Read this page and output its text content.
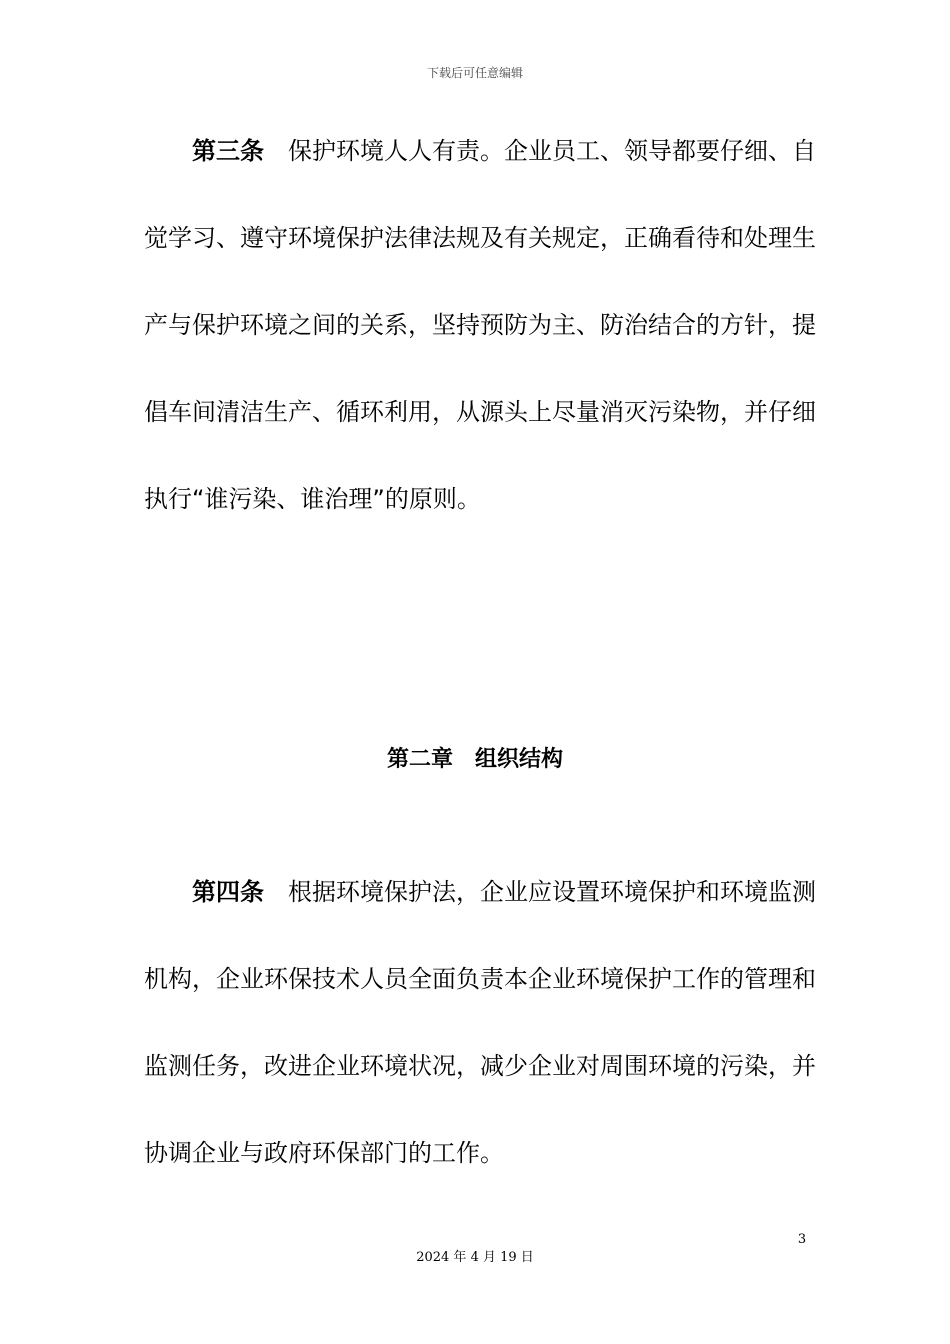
下载后可任意编辑
第三条 保护环境人人有责。企业员工、领导都要仔细、自
觉学习、遵守环境保护法律法规及有关规定，正确看待和处理生
产与保护环境之间的关系，坚持预防为主、防治结合的方针，提
倡车间清洁生产、循环利用，从源头上尽量消灭污染物，并仔细
执行“谁污染、谁治理”的原则。
第二章 组织结构
第四条 根据环境保护法，企业应设置环境保护和环境监测
机构，企业环保技术人员全面负责本企业环境保护工作的管理和
监测任务，改进企业环境状况，减少企业对周围环境的污染，并
协调企业与政府环保部门的工作。
3
2024 年 4 月 19 日
